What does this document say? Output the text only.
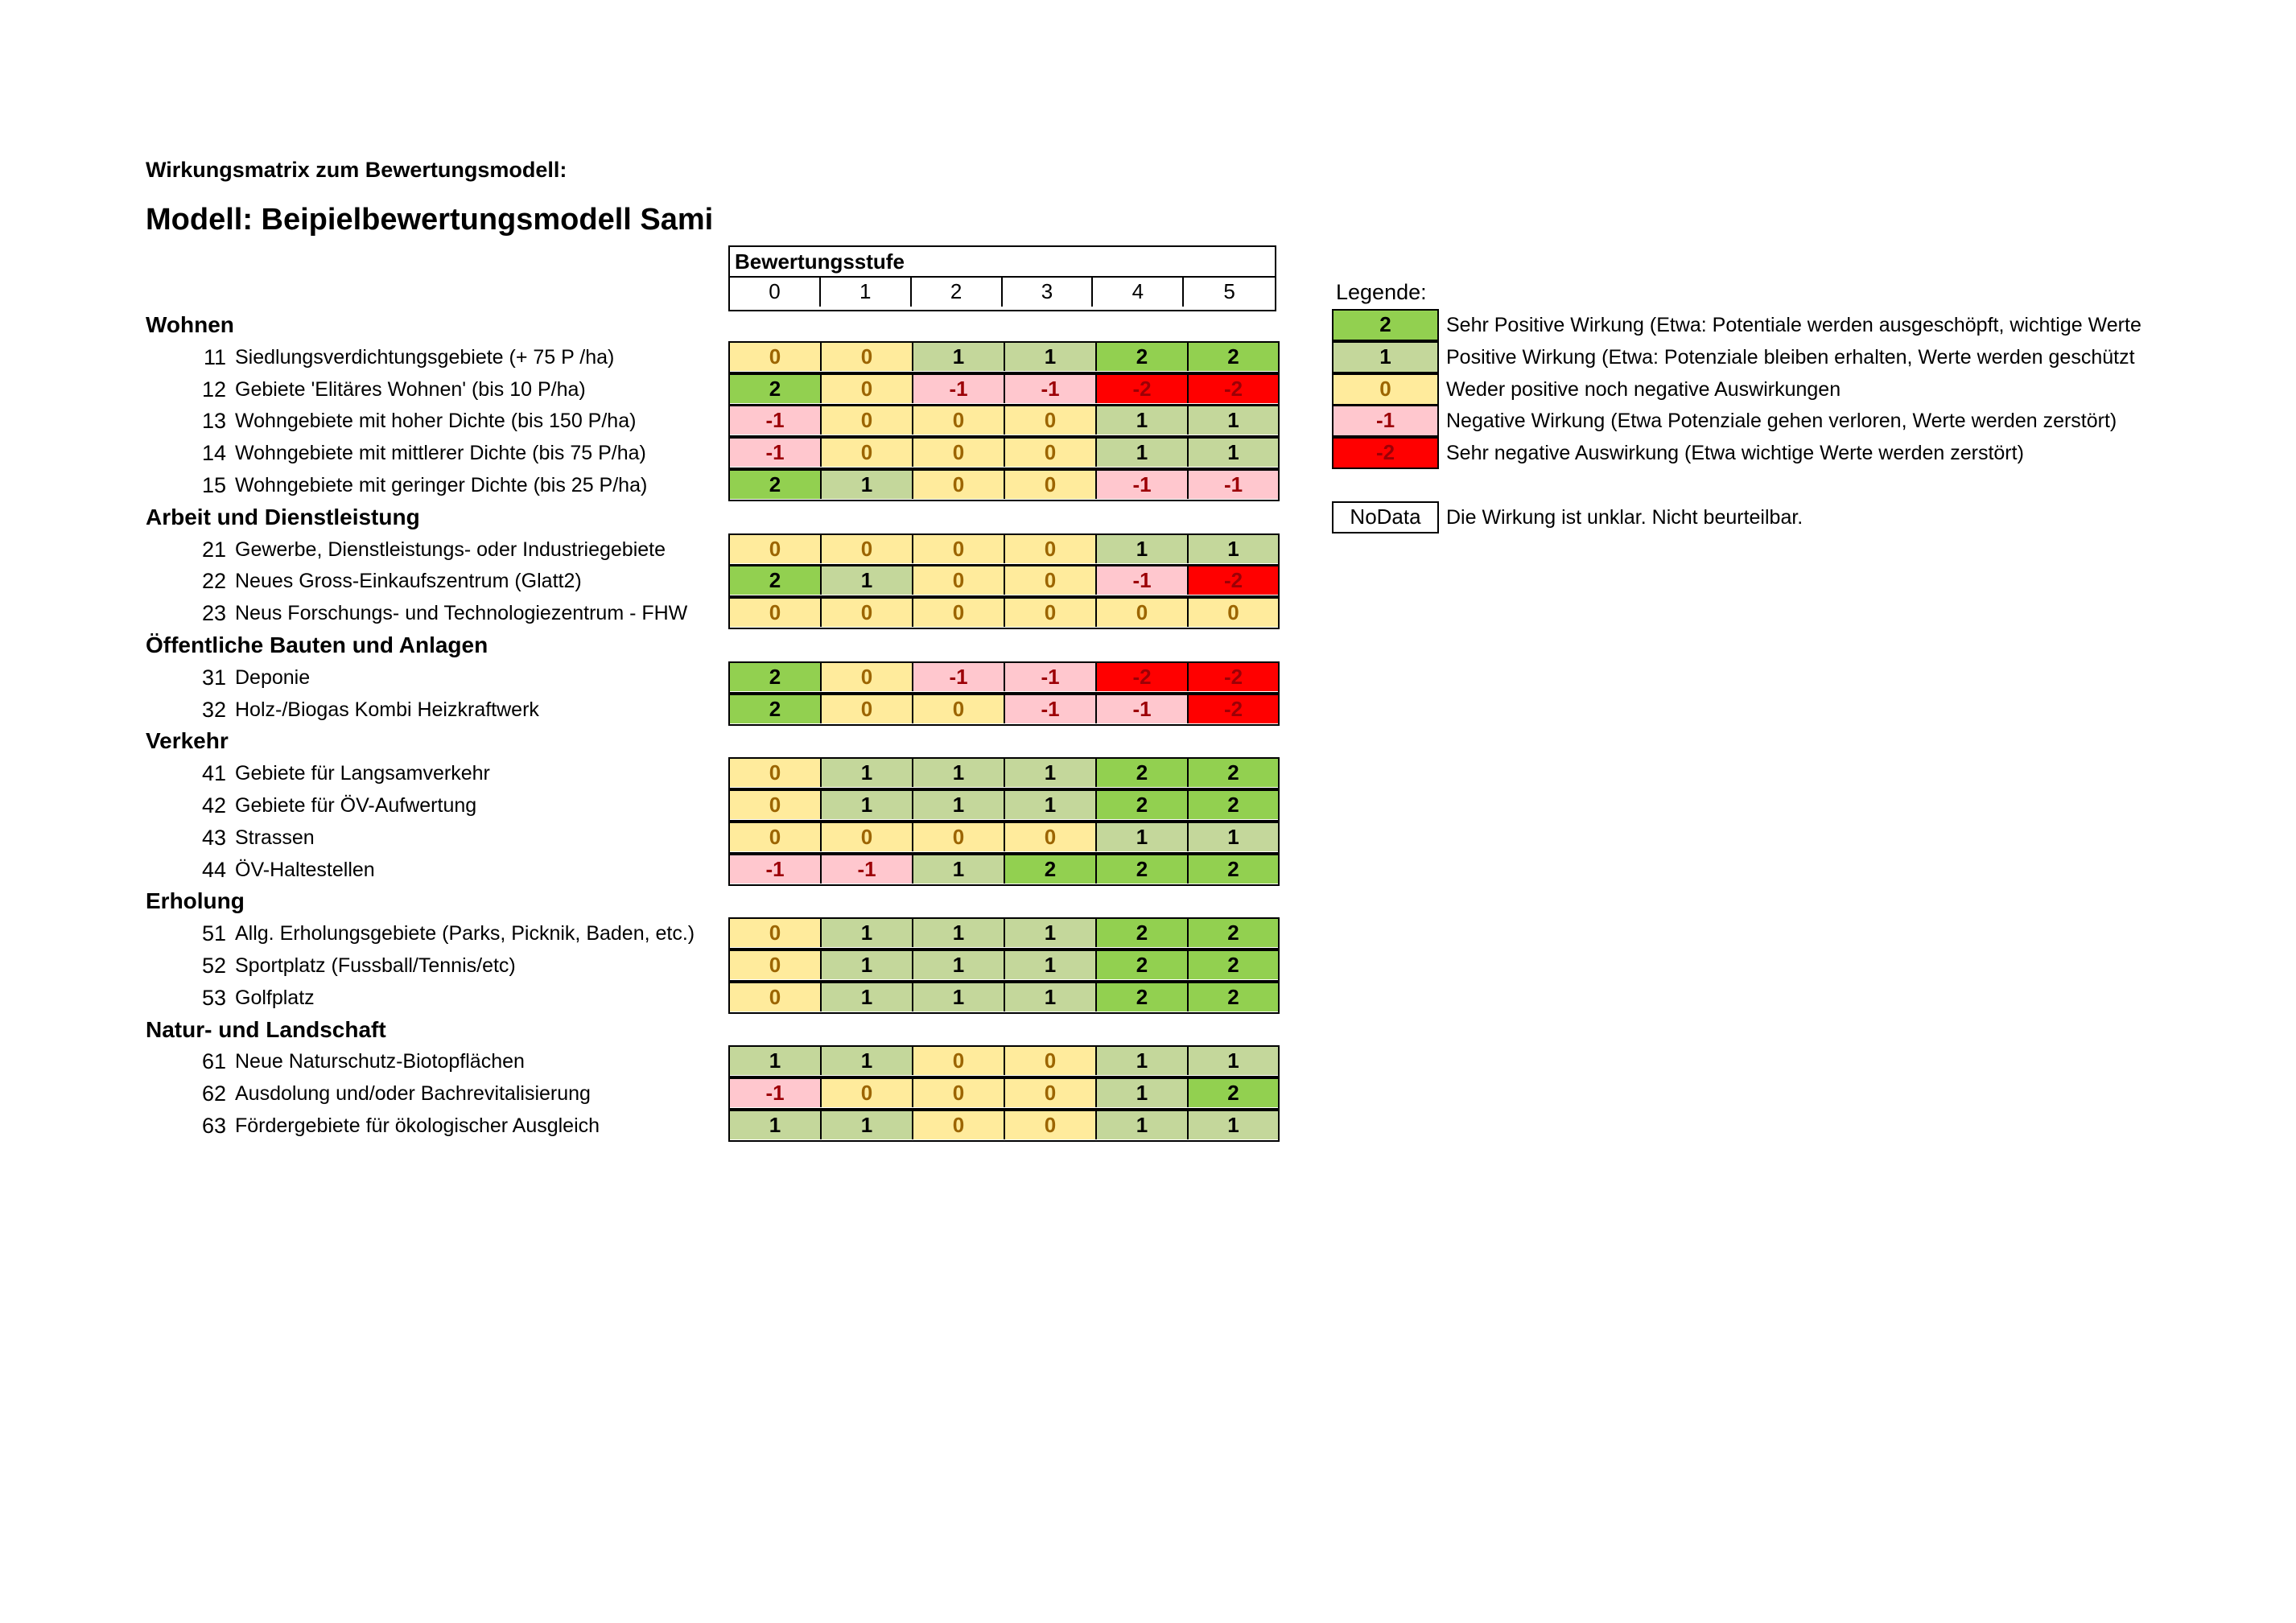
Wirkungsmatrix zum Bewertungsmodell:
Modell: Beipielbewertungsmodell Sami
Bewertungsstufe
0	1	2	3	4	5
Wohnen
11 Siedlungsverdichtungsgebiete (+ 75 P /ha)	0	0	1	1	2	2
12 Gebiete 'Elitäres Wohnen' (bis 10 P/ha)	2	0	-1	-1	-2	-2
13 Wohngebiete mit hoher Dichte (bis 150 P/ha)	-1	0	0	0	1	1
14 Wohngebiete mit mittlerer Dichte (bis 75 P/ha)	-1	0	0	0	1	1
15 Wohngebiete mit geringer Dichte (bis 25 P/ha)	2	1	0	0	-1	-1
Arbeit und Dienstleistung
21 Gewerbe, Dienstleistungs- oder Industriegebiete	0	0	0	0	1	1
22 Neues Gross-Einkaufszentrum (Glatt2)	2	1	0	0	-1	-2
23 Neus Forschungs- und Technologiezentrum - FHW	0	0	0	0	0	0
Öffentliche Bauten und Anlagen
31 Deponie	2	0	-1	-1	-2	-2
32 Holz-/Biogas Kombi Heizkraftwerk	2	0	0	-1	-1	-2
Verkehr
41 Gebiete für Langsamverkehr	0	1	1	1	2	2
42 Gebiete für ÖV-Aufwertung	0	1	1	1	2	2
43 Strassen	0	0	0	0	1	1
44 ÖV-Haltestellen	-1	-1	1	2	2	2
Erholung
51 Allg. Erholungsgebiete (Parks, Picknik, Baden, etc.)	0	1	1	1	2	2
52 Sportplatz (Fussball/Tennis/etc)	0	1	1	1	2	2
53 Golfplatz	0	1	1	1	2	2
Natur- und Landschaft
61 Neue Naturschutz-Biotopflächen	1	1	0	0	1	1
62 Ausdolung und/oder Bachrevitalisierung	-1	0	0	0	1	2
63 Fördergebiete für ökologischer Ausgleich	1	1	0	0	1	1
Legende:
2	Sehr Positive Wirkung (Etwa: Potentiale werden ausgeschöpft, wichtige Werte
1	Positive Wirkung (Etwa: Potenziale bleiben erhalten, Werte werden geschützt
0	Weder positive noch negative Auswirkungen
-1	Negative Wirkung (Etwa Potenziale gehen verloren, Werte werden zerstört)
-2	Sehr negative Auswirkung (Etwa wichtige Werte werden zerstört)
NoData	Die Wirkung ist unklar. Nicht beurteilbar.
